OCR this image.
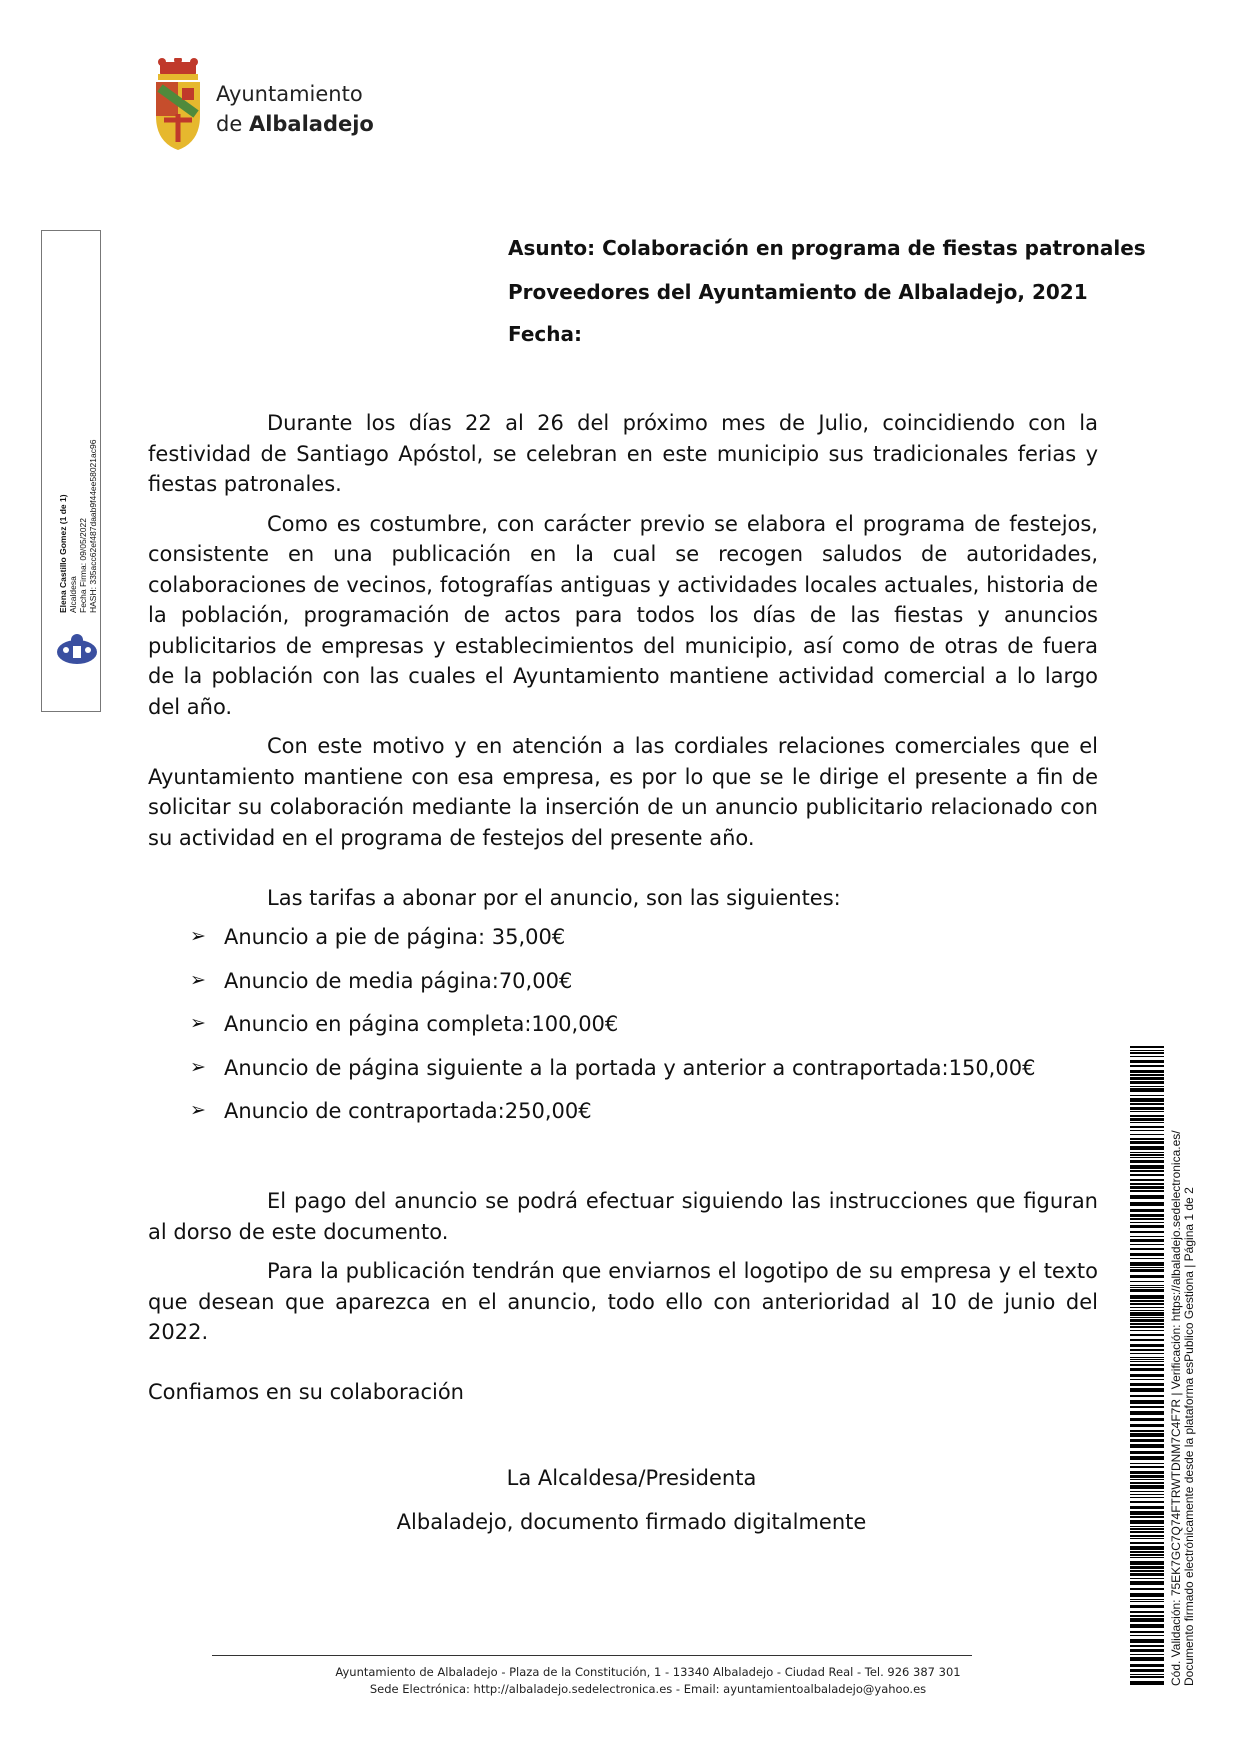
Ayuntamiento
de Albaladejo
Elena Castillo Gomez (1 de 1) Alcaldesa Fecha Firma: 09/05/2022 HASH: 335acc62ef487daab9f44ee58021ac96
Asunto: Colaboración en programa de fiestas patronales
Proveedores del Ayuntamiento de Albaladejo, 2021
Fecha:

Durante los días 22 al 26 del próximo mes de Julio, coincidiendo con la festividad de Santiago Apóstol, se celebran en este municipio sus tradicionales ferias y fiestas patronales.

Como es costumbre, con carácter previo se elabora el programa de festejos, consistente en una publicación en la cual se recogen saludos de autoridades, colaboraciones de vecinos, fotografías antiguas y actividades locales actuales, historia de la población, programación de actos para todos los días de las fiestas y anuncios publicitarios de empresas y establecimientos del municipio, así como de otras de fuera de la población con las cuales el Ayuntamiento mantiene actividad comercial a lo largo del año.

Con este motivo y en atención a las cordiales relaciones comerciales que el Ayuntamiento mantiene con esa empresa, es por lo que se le dirige el presente a fin de solicitar su colaboración mediante la inserción de un anuncio publicitario relacionado con su actividad en el programa de festejos del presente año.

Las tarifas a abonar por el anuncio, son las siguientes:
➢ Anuncio a pie de página: 35,00€
➢ Anuncio de media página:70,00€
➢ Anuncio en página completa:100,00€
➢ Anuncio de página siguiente a la portada y anterior a contraportada:150,00€
➢ Anuncio de contraportada:250,00€

El pago del anuncio se podrá efectuar siguiendo las instrucciones que figuran al dorso de este documento.

Para la publicación tendrán que enviarnos el logotipo de su empresa y el texto que desean que aparezca en el anuncio, todo ello con anterioridad al 10 de junio del 2022.

Confiamos en su colaboración
La Alcaldesa/Presidenta
Albaladejo, documento firmado digitalmente
Ayuntamiento de Albaladejo - Plaza de la Constitución, 1 - 13340 Albaladejo - Ciudad Real - Tel. 926 387 301
Sede Electrónica: http://albaladejo.sedelectronica.es - Email: ayuntamientoalbaladejo@yahoo.es
Cód. Validación: 75EK7GC7Q74FTRWTDNM7C4F7R | Verificación: https://albaladejo.sedelectronica.es/ Documento firmado electrónicamente desde la plataforma esPublico Gestiona | Página 1 de 2
